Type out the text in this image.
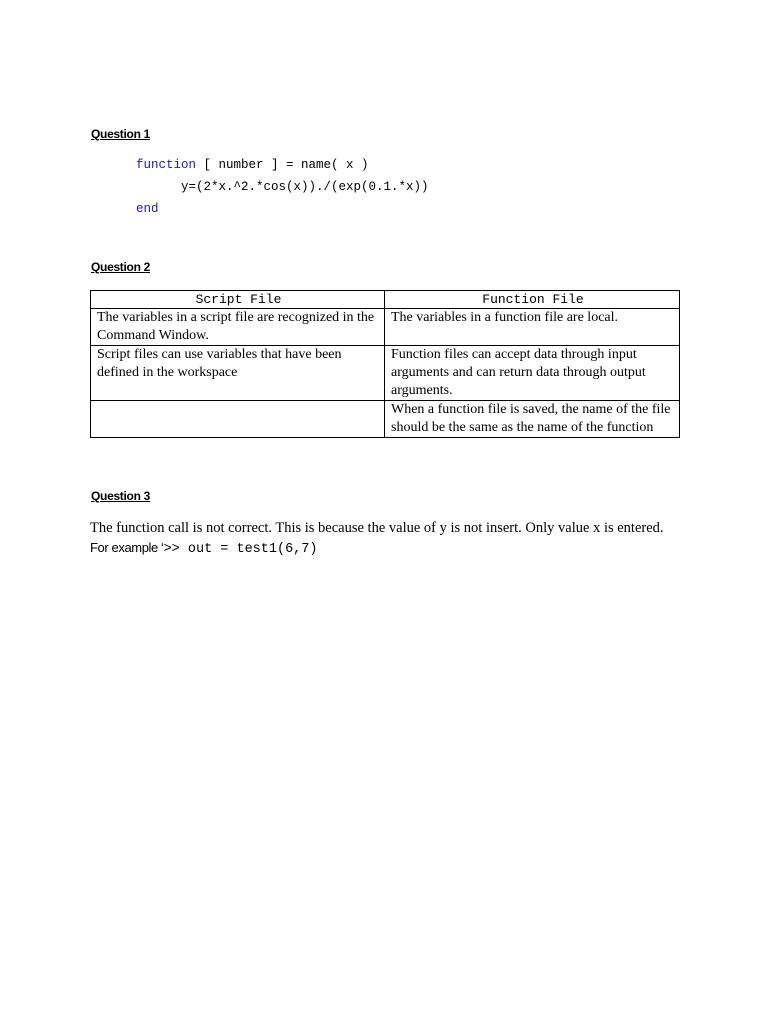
Question 1
function [ number ] = name( x )
y=(2*x.^2.*cos(x))./(exp(0.1.*x))
end
Question 2
Script File	Function File
The variables in a script file are recognized in the Command Window.	The variables in a function file are local.
Script files can use variables that have been defined in the workspace	Function files can accept data through input arguments and can return data through output arguments.
	When a function file is saved, the name of the file should be the same as the name of the function
Question 3
The function call is not correct. This is because the value of y is not insert. Only value x is entered. For example ‘>> out = test1(6,7)
